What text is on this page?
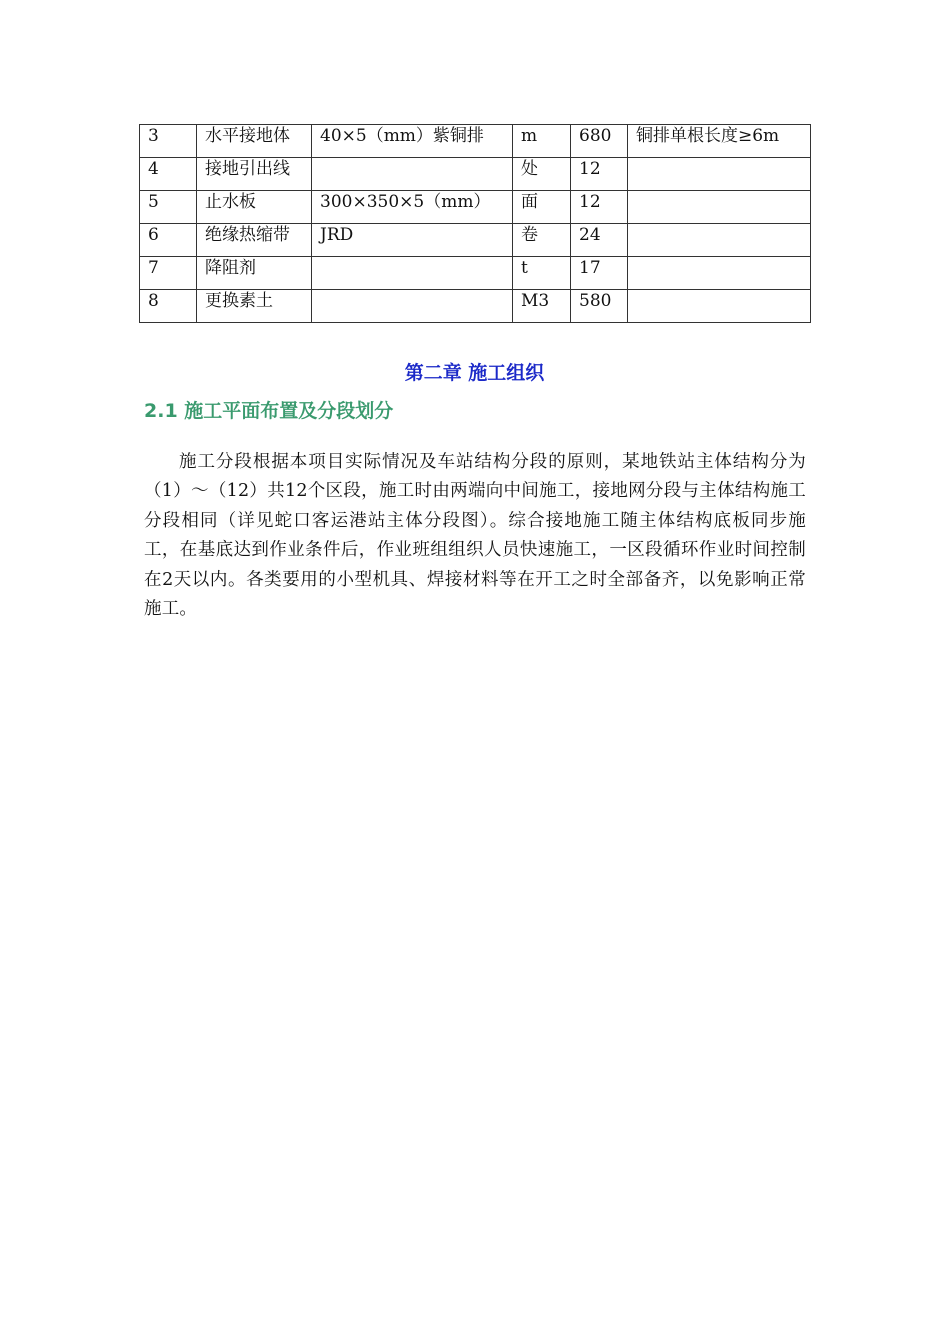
3	水平接地体	40×5（mm）紫铜排	m	680	铜排单根长度≥6m
4	接地引出线		处	12	
5	止水板	300×350×5（mm）	面	12	
6	绝缘热缩带	JRD	卷	24	
7	降阻剂		t	17	
8	更换素土		M3	580	
第二章 施工组织
2.1 施工平面布置及分段划分

施工分段根据本项目实际情况及车站结构分段的原则，某地铁站主体结构分为（1）～（12）共12个区段，施工时由两端向中间施工，接地网分段与主体结构施工分段相同（详见蛇口客运港站主体分段图）。综合接地施工随主体结构底板同步施工，在基底达到作业条件后，作业班组组织人员快速施工，一区段循环作业时间控制在2天以内。各类要用的小型机具、焊接材料等在开工之时全部备齐，以免影响正常施工。
